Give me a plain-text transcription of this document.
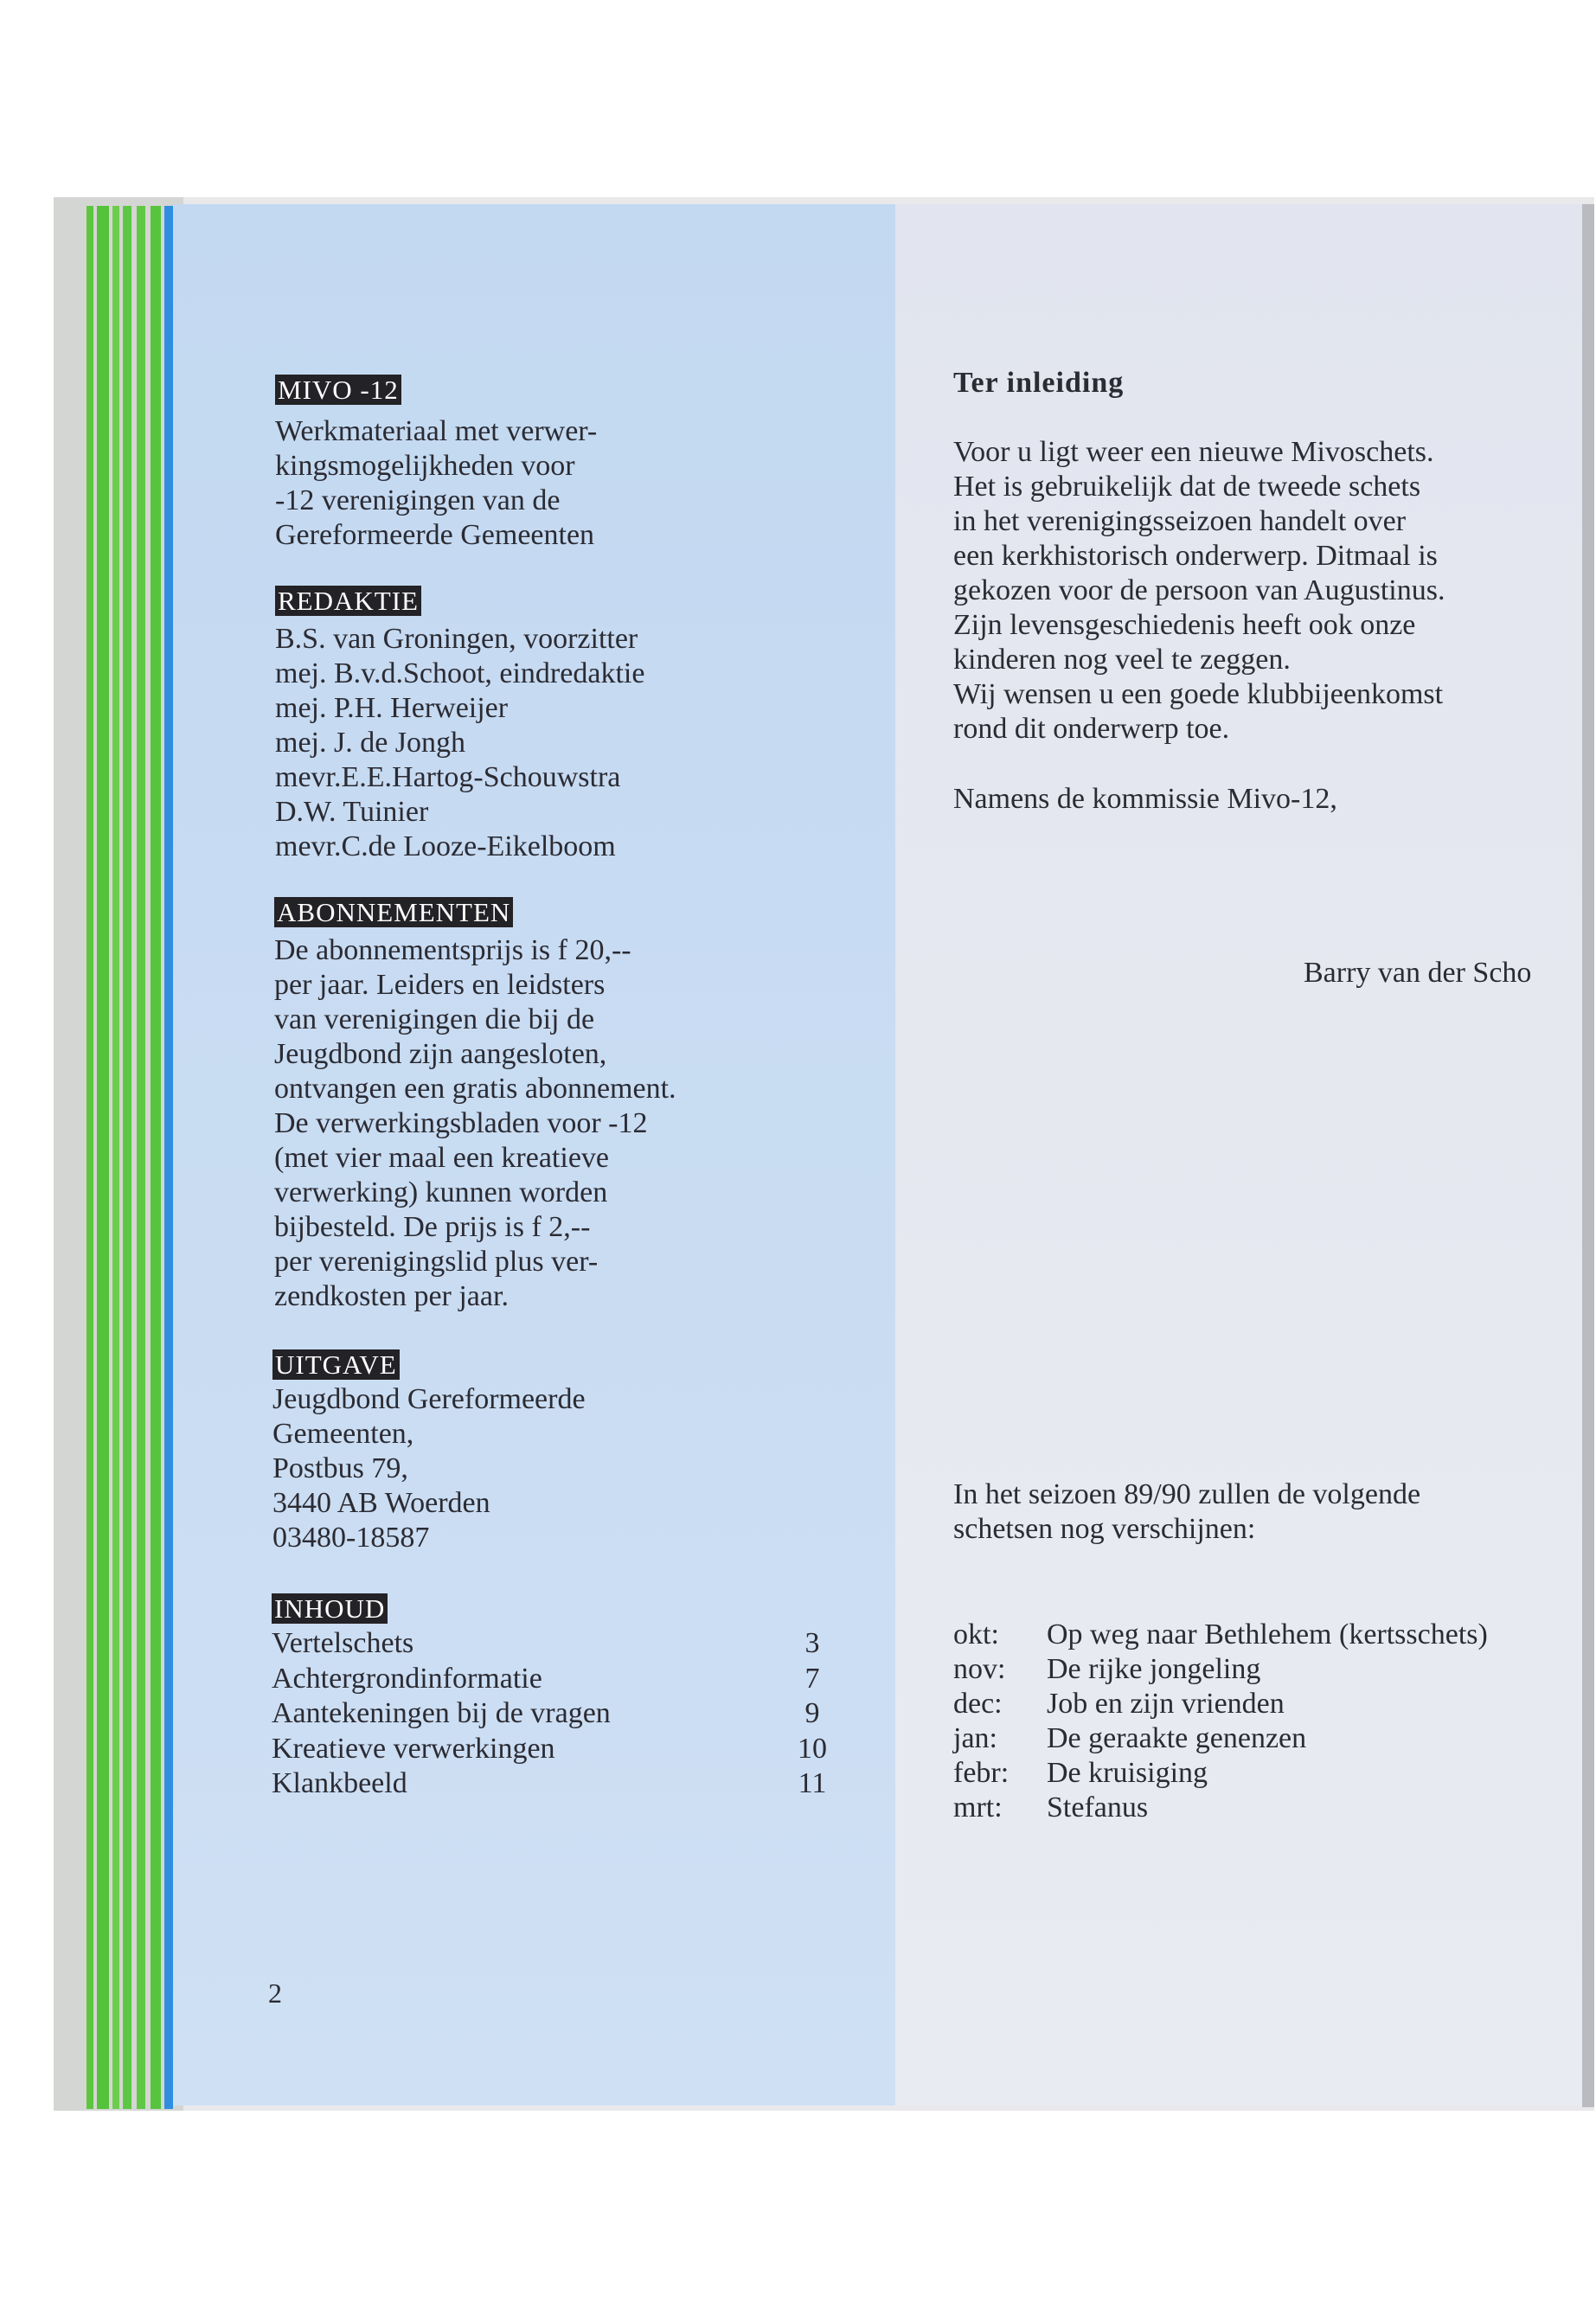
MIVO -12
Werkmateriaal met verwer-
kingsmogelijkheden voor
-12 verenigingen van de
Gereformeerde Gemeenten
REDAKTIE
B.S. van Groningen, voorzitter
mej. B.v.d.Schoot, eindredaktie
mej. P.H. Herweijer
mej. J. de Jongh
mevr.E.E.Hartog-Schouwstra
D.W. Tuinier
mevr.C.de Looze-Eikelboom
ABONNEMENTEN
De abonnementsprijs is f 20,--
per jaar. Leiders en leidsters
van verenigingen die bij de
Jeugdbond zijn aangesloten,
ontvangen een gratis abonnement.
De verwerkingsbladen voor -12
(met vier maal een kreatieve
verwerking) kunnen worden
bijbesteld. De prijs is f 2,--
per verenigingslid plus ver-
zendkosten per jaar.
UITGAVE
Jeugdbond Gereformeerde
Gemeenten,
Postbus 79,
3440 AB Woerden
03480-18587
INHOUD
Vertelschets	3
Achtergrondinformatie	7
Aantekeningen bij de vragen	9
Kreatieve verwerkingen	10
Klankbeeld	11
2
Ter inleiding
Voor u ligt weer een nieuwe Mivoschets.
Het is gebruikelijk dat de tweede schets
in het verenigingsseizoen handelt over
een kerkhistorisch onderwerp. Ditmaal is
gekozen voor de persoon van Augustinus.
Zijn levensgeschiedenis heeft ook onze
kinderen nog veel te zeggen.
Wij wensen u een goede klubbijeenkomst
rond dit onderwerp toe.
Namens de kommissie Mivo-12,
Barry van der Scho
In het seizoen 89/90 zullen de volgende
schetsen nog verschijnen:
okt:	Op weg naar Bethlehem (kertsschets)
nov:	De rijke jongeling
dec:	Job en zijn vrienden
jan:	De geraakte genenzen
febr:	De kruisiging
mrt:	Stefanus
